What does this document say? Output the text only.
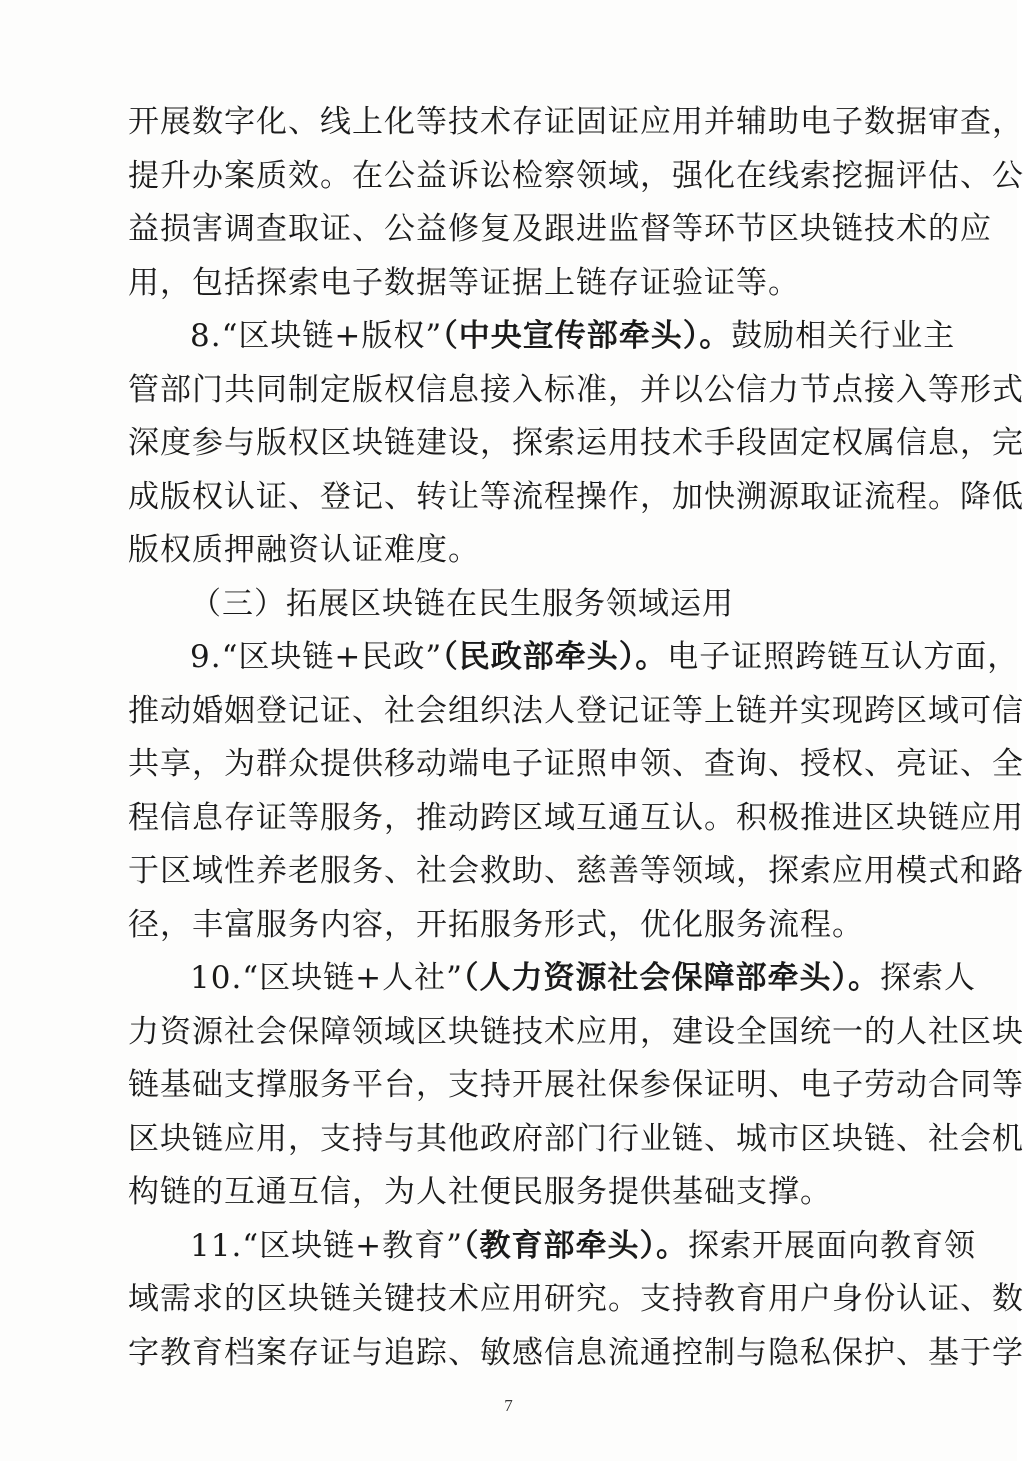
开展数字化、线上化等技术存证固证应用并辅助电子数据审查，
提升办案质效。在公益诉讼检察领域，强化在线索挖掘评估、公
益损害调查取证、公益修复及跟进监督等环节区块链技术的应
用，包括探索电子数据等证据上链存证验证等。
8.“区块链+版权”（中央宣传部牵头）。鼓励相关行业主
管部门共同制定版权信息接入标准，并以公信力节点接入等形式
深度参与版权区块链建设，探索运用技术手段固定权属信息，完
成版权认证、登记、转让等流程操作，加快溯源取证流程。降低
版权质押融资认证难度。
（三）拓展区块链在民生服务领域运用
9.“区块链+民政”（民政部牵头）。电子证照跨链互认方面，
推动婚姻登记证、社会组织法人登记证等上链并实现跨区域可信
共享，为群众提供移动端电子证照申领、查询、授权、亮证、全
程信息存证等服务，推动跨区域互通互认。积极推进区块链应用
于区域性养老服务、社会救助、慈善等领域，探索应用模式和路
径，丰富服务内容，开拓服务形式，优化服务流程。
10.“区块链+人社”（人力资源社会保障部牵头）。探索人
力资源社会保障领域区块链技术应用，建设全国统一的人社区块
链基础支撑服务平台，支持开展社保参保证明、电子劳动合同等
区块链应用，支持与其他政府部门行业链、城市区块链、社会机
构链的互通互信，为人社便民服务提供基础支撑。
11.“区块链+教育”（教育部牵头）。探索开展面向教育领
域需求的区块链关键技术应用研究。支持教育用户身份认证、数
字教育档案存证与追踪、敏感信息流通控制与隐私保护、基于学
7
